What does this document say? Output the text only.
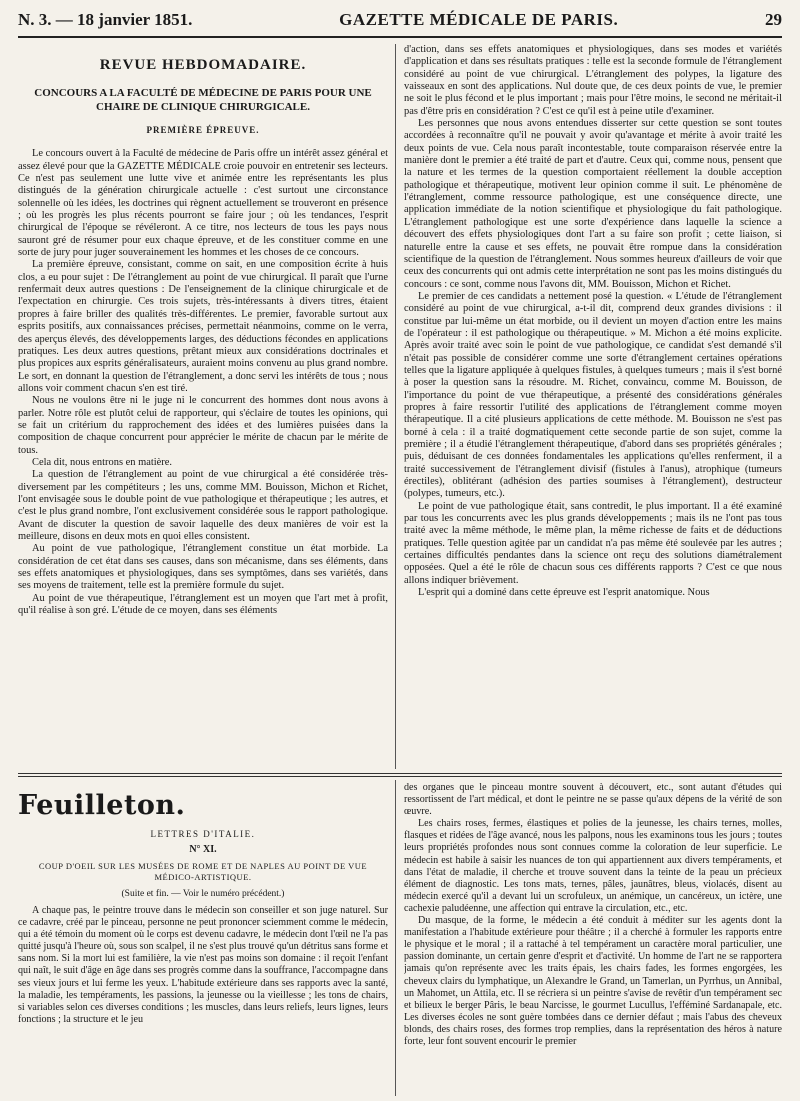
N. 3. — 18 janvier 1851.	GAZETTE MÉDICALE DE PARIS.	29
REVUE HEBDOMADAIRE.
CONCOURS A LA FACULTÉ DE MÉDECINE DE PARIS POUR UNE CHAIRE DE CLINIQUE CHIRURGICALE.
PREMIÈRE ÉPREUVE.

Le concours ouvert à la Faculté de médecine de Paris offre un intérêt assez général et assez élevé pour que la GAZETTE MÉDICALE croie pouvoir en entretenir ses lecteurs. Ce n'est pas seulement une lutte vive et animée entre les représentants les plus distingués de la génération chirurgicale actuelle : c'est surtout une circonstance solennelle où les idées, les doctrines qui règnent actuellement se trouveront en présence ; où les progrès les plus récents pourront se faire jour ; où les tendances, l'esprit chirurgical de l'époque se révéleront. A ce titre, nos lecteurs de tous les pays nous sauront gré de résumer pour eux chaque épreuve, et de les constituer comme en une sorte de jury pour juger souverainement les hommes et les choses de ce concours.

La première épreuve, consistant, comme on sait, en une composition écrite à huis clos, a eu pour sujet : De l'étranglement au point de vue chirurgical. Il paraît que l'urne renfermait deux autres questions : De l'enseignement de la clinique chirurgicale et de l'expectation en chirurgie. Ces trois sujets, très-intéressants à divers titres, étaient propres à faire briller des qualités très-différentes. Le premier, favorable surtout aux esprits positifs, aux connaissances précises, permettait néanmoins, comme on le verra, des aperçus élevés, des développements larges, des déductions fécondes en applications pratiques. Les deux autres questions, prêtant mieux aux considérations doctrinales et plus propices aux esprits généralisateurs, auraient moins convenu au plus grand nombre. Le sort, en donnant la question de l'étranglement, a donc servi les intérêts de tous ; nous allons voir comment chacun s'en est tiré.

Nous ne voulons être ni le juge ni le concurrent des hommes dont nous avons à parler. Notre rôle est plutôt celui de rapporteur, qui s'éclaire de toutes les opinions, qui se fait un critérium du rapprochement des idées et des lumières puisées dans la composition de chaque concurrent pour apprécier le mérite de chacun par le mérite de tous.

Cela dit, nous entrons en matière.

La question de l'étranglement au point de vue chirurgical a été considérée très-diversement par les compétiteurs ; les uns, comme MM. Bouisson, Michon et Richet, l'ont envisagée sous le double point de vue pathologique et thérapeutique ; les autres, et c'est le plus grand nombre, l'ont exclusivement considérée sous le rapport pathologique. Avant de discuter la question de savoir laquelle des deux manières de voir est la meilleure, disons en deux mots en quoi elles consistent.

Au point de vue pathologique, l'étranglement constitue un état morbide. La considération de cet état dans ses causes, dans son mécanisme, dans ses éléments, dans ses effets anatomiques et physiologiques, dans ses symptômes, dans ses variétés, dans ses moyens de traitement, telle est la première formule du sujet.

Au point de vue thérapeutique, l'étranglement est un moyen que l'art met à profit, qu'il réalise à son gré. L'étude de ce moyen, dans ses éléments

d'action, dans ses effets anatomiques et physiologiques, dans ses modes et variétés d'application et dans ses résultats pratiques : telle est la seconde formule de l'étranglement considéré au point de vue chirurgical. L'étranglement des polypes, la ligature des vaisseaux en sont des applications. Nul doute que, de ces deux points de vue, le premier ne soit le plus fécond et le plus important ; mais pour l'être moins, le second ne méritait-il pas d'être pris en considération ? C'est ce qu'il est à peine utile d'examiner.

Les personnes que nous avons entendues disserter sur cette question se sont toutes accordées à reconnaître qu'il ne pouvait y avoir qu'avantage et mérite à avoir traité les deux points de vue. Cela nous paraît incontestable, toute comparaison réservée entre la manière dont le premier a été traité de part et d'autre. Ceux qui, comme nous, pensent que la nature et les termes de la question comportaient réellement la double acception pathologique et thérapeutique, motivent leur opinion comme il suit. Le phénomène de l'étranglement, comme ressource pathologique, est une conséquence directe, une application immédiate de la notion scientifique et physiologique du fait pathologique. L'étranglement pathologique est une sorte d'expérience dans laquelle la science a découvert des effets physiologiques dont l'art a su faire son profit ; cette liaison, si naturelle entre la cause et ses effets, ne pouvait être rompue dans la considération scientifique de la question de l'étranglement. Nous sommes heureux d'ailleurs de voir que ceux des concurrents qui ont admis cette interprétation ne sont pas les moins distingués du concours : ce sont, comme nous l'avons dit, MM. Bouisson, Michon et Richet.

Le premier de ces candidats a nettement posé la question. « L'étude de l'étranglement considéré au point de vue chirurgical, a-t-il dit, comprend deux grandes divisions : il constitue par lui-même un état morbide, ou il devient un moyen d'action entre les mains de l'opérateur : il est pathologique ou thérapeutique. » M. Michon a été moins explicite. Après avoir traité avec soin le point de vue pathologique, ce candidat s'est demandé s'il n'était pas possible de considérer comme une sorte d'étranglement certaines opérations telles que la ligature appliquée à quelques fistules, à quelques tumeurs ; mais il s'est borné à poser la question sans la résoudre. M. Richet, convaincu, comme M. Bouisson, de l'importance du point de vue thérapeutique, a présenté des considérations générales propres à faire ressortir l'utilité des applications de l'étranglement comme moyen thérapeutique. Il a cité plusieurs applications de cette méthode. M. Bouisson ne s'est pas borné à cela : il a traité dogmatiquement cette seconde partie de son sujet, comme la première ; il a étudié l'étranglement thérapeutique, d'abord dans ses propriétés générales ; puis, déduisant de ces données fondamentales les applications qu'elles renferment, il a traité successivement de l'étranglement divisif (fistules à l'anus), atrophique (tumeurs érectiles), oblitérant (adhésion des parties soumises à l'étranglement), destructeur (polypes, tumeurs, etc.).

Le point de vue pathologique était, sans contredit, le plus important. Il a été examiné par tous les concurrents avec les plus grands développements ; mais ils ne l'ont pas tous traité avec la même méthode, le même plan, la même richesse de faits et de déductions pratiques. Telle question agitée par un candidat n'a pas même été soulevée par les autres ; certaines difficultés pendantes dans la science ont reçu des solutions diamétralement opposées. Quel a été le rôle de chacun sous ces différents rapports ? C'est ce que nous allons indiquer brièvement.

L'esprit qui a dominé dans cette épreuve est l'esprit anatomique. Nous

Feuilleton.
LETTRES D'ITALIE.
N° XI.
COUP D'OEIL SUR LES MUSÉES DE ROME ET DE NAPLES AU POINT DE VUE MÉDICO-ARTISTIQUE.
(Suite et fin. — Voir le numéro précédent.)

A chaque pas, le peintre trouve dans le médecin son conseiller et son juge naturel. Sur ce cadavre, créé par le pinceau, personne ne peut prononcer sciemment comme le médecin, qui a été témoin du moment où le corps est devenu cadavre, le médecin dont l'œil ne l'a pas quitté jusqu'à l'heure où, sous son scalpel, il ne s'est plus trouvé qu'un détritus sans forme et sans nom. Si la mort lui est familière, la vie n'est pas moins son domaine : il reçoit l'enfant qui naît, le suit d'âge en âge dans ses progrès comme dans la souffrance, l'accompagne dans ses vieux jours et lui ferme les yeux. L'habitude extérieure dans ses rapports avec la santé, la maladie, les tempéraments, les passions, la jeunesse ou la vieillesse ; les tons de chairs, si variables selon ces diverses conditions ; les muscles, dans leurs reliefs, leurs lignes, leurs fonctions ; la structure et le jeu

des organes que le pinceau montre souvent à découvert, etc., sont autant d'études qui ressortissent de l'art médical, et dont le peintre ne se passe qu'aux dépens de la vérité de son œuvre.

Les chairs roses, fermes, élastiques et polies de la jeunesse, les chairs ternes, molles, flasques et ridées de l'âge avancé, nous les palpons, nous les examinons tous les jours ; toutes leurs propriétés profondes nous sont connues comme la coloration de leur superficie. Le médecin est habile à saisir les nuances de ton qui appartiennent aux divers tempéraments, et dans l'état de maladie, il cherche et trouve souvent dans la teinte de la peau un précieux élément de diagnostic. Les tons mats, ternes, pâles, jaunâtres, bleus, violacés, disent au médecin exercé qu'il a devant lui un scrofuleux, un anémique, un cancéreux, un ictère, une cachexie paludéenne, une affection qui entrave la circulation, etc., etc.

Du masque, de la forme, le médecin a été conduit à méditer sur les agents dont la manifestation a l'habitude extérieure pour théâtre ; il a cherché à formuler les rapports entre le physique et le moral ; il a rattaché à tel tempérament un caractère moral particulier, une passion dominante, un certain genre d'esprit et d'activité. Un homme de l'art ne se rapportera jamais qu'on représente avec les traits épais, les chairs fades, les formes engorgées, les cheveux clairs du lymphatique, un Alexandre le Grand, un Tamerlan, un Pyrrhus, un Annibal, un Mahomet, un Attila, etc. Il se récriera si un peintre s'avise de revêtir d'un tempérament sec et bilieux le berger Pâris, le beau Narcisse, le gourmet Lucullus, l'efféminé Sardanapale, etc. Les diverses écoles ne sont guère tombées dans ce dernier défaut ; mais l'abus des cheveux blonds, des chairs roses, des formes trop remplies, dans la représentation des héros à nature forte, leur font souvent encourir le premier
